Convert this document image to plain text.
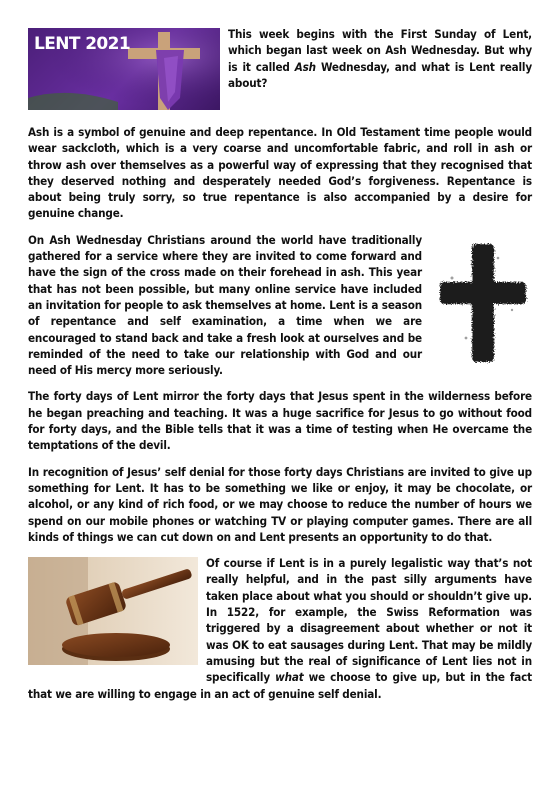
LENT 2021	This week begins with the First Sunday of Lent, which began last week on Ash Wednesday. But why is it called Ash Wednesday, and what is Lent really about?

Ash is a symbol of genuine and deep repentance. In Old Testament time people would wear sackcloth, which is a very coarse and uncomfortable fabric, and roll in ash or throw ash over themselves as a powerful way of expressing that they recognised that they deserved nothing and desperately needed God’s forgiveness. Repentance is about being truly sorry, so true repentance is also accompanied by a desire for genuine change.

On Ash Wednesday Christians around the world have traditionally gathered for a service where they are invited to come forward and have the sign of the cross made on their forehead in ash. This year that has not been possible, but many online service have included an invitation for people to ask themselves at home. Lent is a season of repentance and self examination, a time when we are encouraged to stand back and take a fresh look at ourselves and be reminded of the need to take our relationship with God and our need of His mercy more seriously.

The forty days of Lent mirror the forty days that Jesus spent in the wilderness before he began preaching and teaching. It was a huge sacrifice for Jesus to go without food for forty days, and the Bible tells that it was a time of testing when He overcame the temptations of the devil.

In recognition of Jesus’ self denial for those forty days Christians are invited to give up something for Lent. It has to be something we like or enjoy, it may be chocolate, or alcohol, or any kind of rich food, or we may choose to reduce the number of hours we spend on our mobile phones or watching TV or playing computer games. There are all kinds of things we can cut down on and Lent presents an opportunity to do that.

Of course if Lent is in a purely legalistic way that’s not really helpful, and in the past silly arguments have taken place about what you should or shouldn’t give up. In 1522, for example, the Swiss Reformation was triggered by a disagreement about whether or not it was OK to eat sausages during Lent. That may be mildly amusing but the real of significance of Lent lies not in specifically what we choose to give up, but in the fact that we are willing to engage in an act of genuine self denial.
